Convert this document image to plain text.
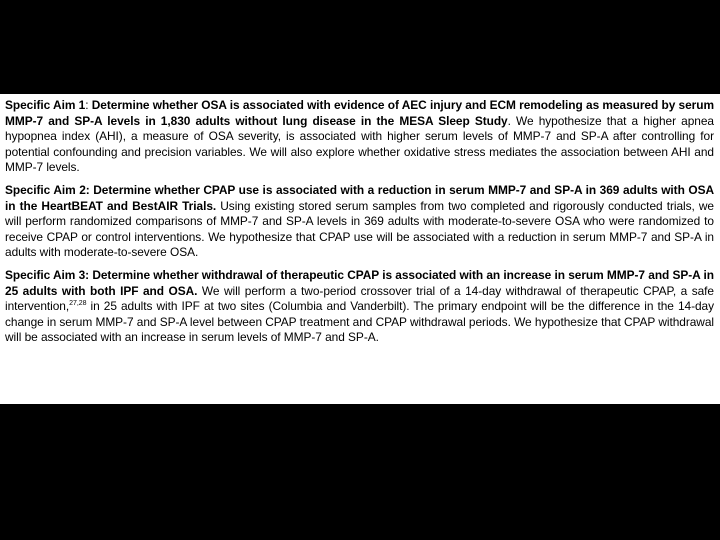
Specific Aim 1: Determine whether OSA is associated with evidence of AEC injury and ECM remodeling as measured by serum MMP-7 and SP-A levels in 1,830 adults without lung disease in the MESA Sleep Study. We hypothesize that a higher apnea hypopnea index (AHI), a measure of OSA severity, is associated with higher serum levels of MMP-7 and SP-A after controlling for potential confounding and precision variables. We will also explore whether oxidative stress mediates the association between AHI and MMP-7 levels.

Specific Aim 2: Determine whether CPAP use is associated with a reduction in serum MMP-7 and SP-A in 369 adults with OSA in the HeartBEAT and BestAIR Trials. Using existing stored serum samples from two completed and rigorously conducted trials, we will perform randomized comparisons of MMP-7 and SP-A levels in 369 adults with moderate-to-severe OSA who were randomized to receive CPAP or control interventions. We hypothesize that CPAP use will be associated with a reduction in serum MMP-7 and SP-A in adults with moderate-to-severe OSA.

Specific Aim 3: Determine whether withdrawal of therapeutic CPAP is associated with an increase in serum MMP-7 and SP-A in 25 adults with both IPF and OSA. We will perform a two-period crossover trial of a 14-day withdrawal of therapeutic CPAP, a safe intervention,$^{27,28}$ in 25 adults with IPF at two sites (Columbia and Vanderbilt). The primary endpoint will be the difference in the 14-day change in serum MMP-7 and SP-A level between CPAP treatment and CPAP withdrawal periods. We hypothesize that CPAP withdrawal will be associated with an increase in serum levels of MMP-7 and SP-A.
